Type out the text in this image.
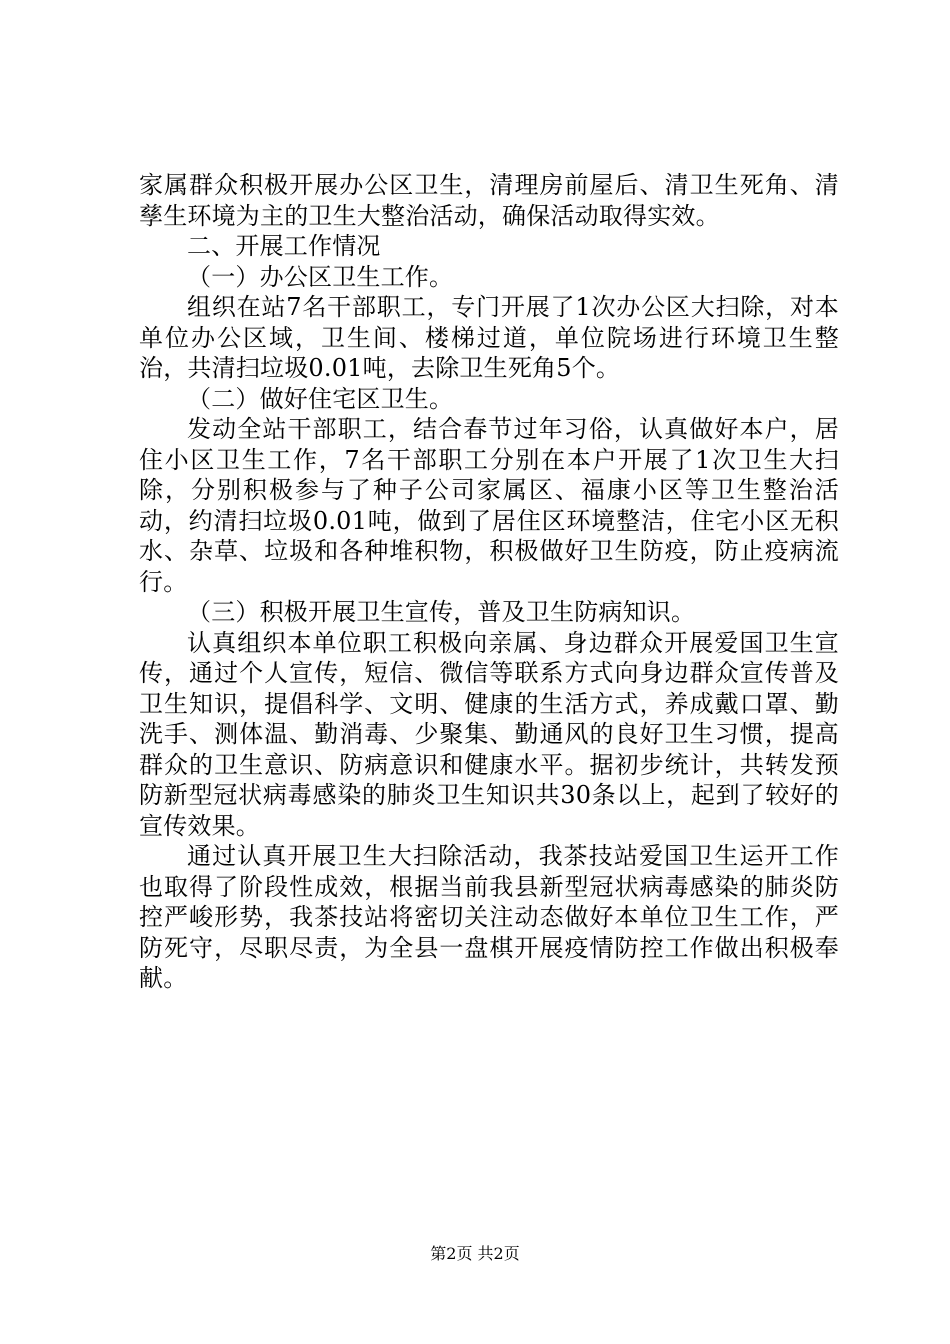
家属群众积极开展办公区卫生，清理房前屋后、清卫生死角、清孳生环境为主的卫生大整治活动，确保活动取得实效。

二、开展工作情况

（一）办公区卫生工作。

组织在站7名干部职工，专门开展了1次办公区大扫除，对本单位办公区域，卫生间、楼梯过道，单位院场进行环境卫生整治，共清扫垃圾0.01吨，去除卫生死角5个。

（二）做好住宅区卫生。

发动全站干部职工，结合春节过年习俗，认真做好本户，居住小区卫生工作，7名干部职工分别在本户开展了1次卫生大扫除，分别积极参与了种子公司家属区、福康小区等卫生整治活动，约清扫垃圾0.01吨，做到了居住区环境整洁，住宅小区无积水、杂草、垃圾和各种堆积物，积极做好卫生防疫，防止疫病流行。

（三）积极开展卫生宣传，普及卫生防病知识。

认真组织本单位职工积极向亲属、身边群众开展爱国卫生宣传，通过个人宣传，短信、微信等联系方式向身边群众宣传普及卫生知识，提倡科学、文明、健康的生活方式，养成戴口罩、勤洗手、测体温、勤消毒、少聚集、勤通风的良好卫生习惯，提高群众的卫生意识、防病意识和健康水平。据初步统计，共转发预防新型冠状病毒感染的肺炎卫生知识共30条以上，起到了较好的宣传效果。

通过认真开展卫生大扫除活动，我茶技站爱国卫生运开工作也取得了阶段性成效，根据当前我县新型冠状病毒感染的肺炎防控严峻形势，我茶技站将密切关注动态做好本单位卫生工作，严防死守，尽职尽责，为全县一盘棋开展疫情防控工作做出积极奉献。

第2页 共2页
